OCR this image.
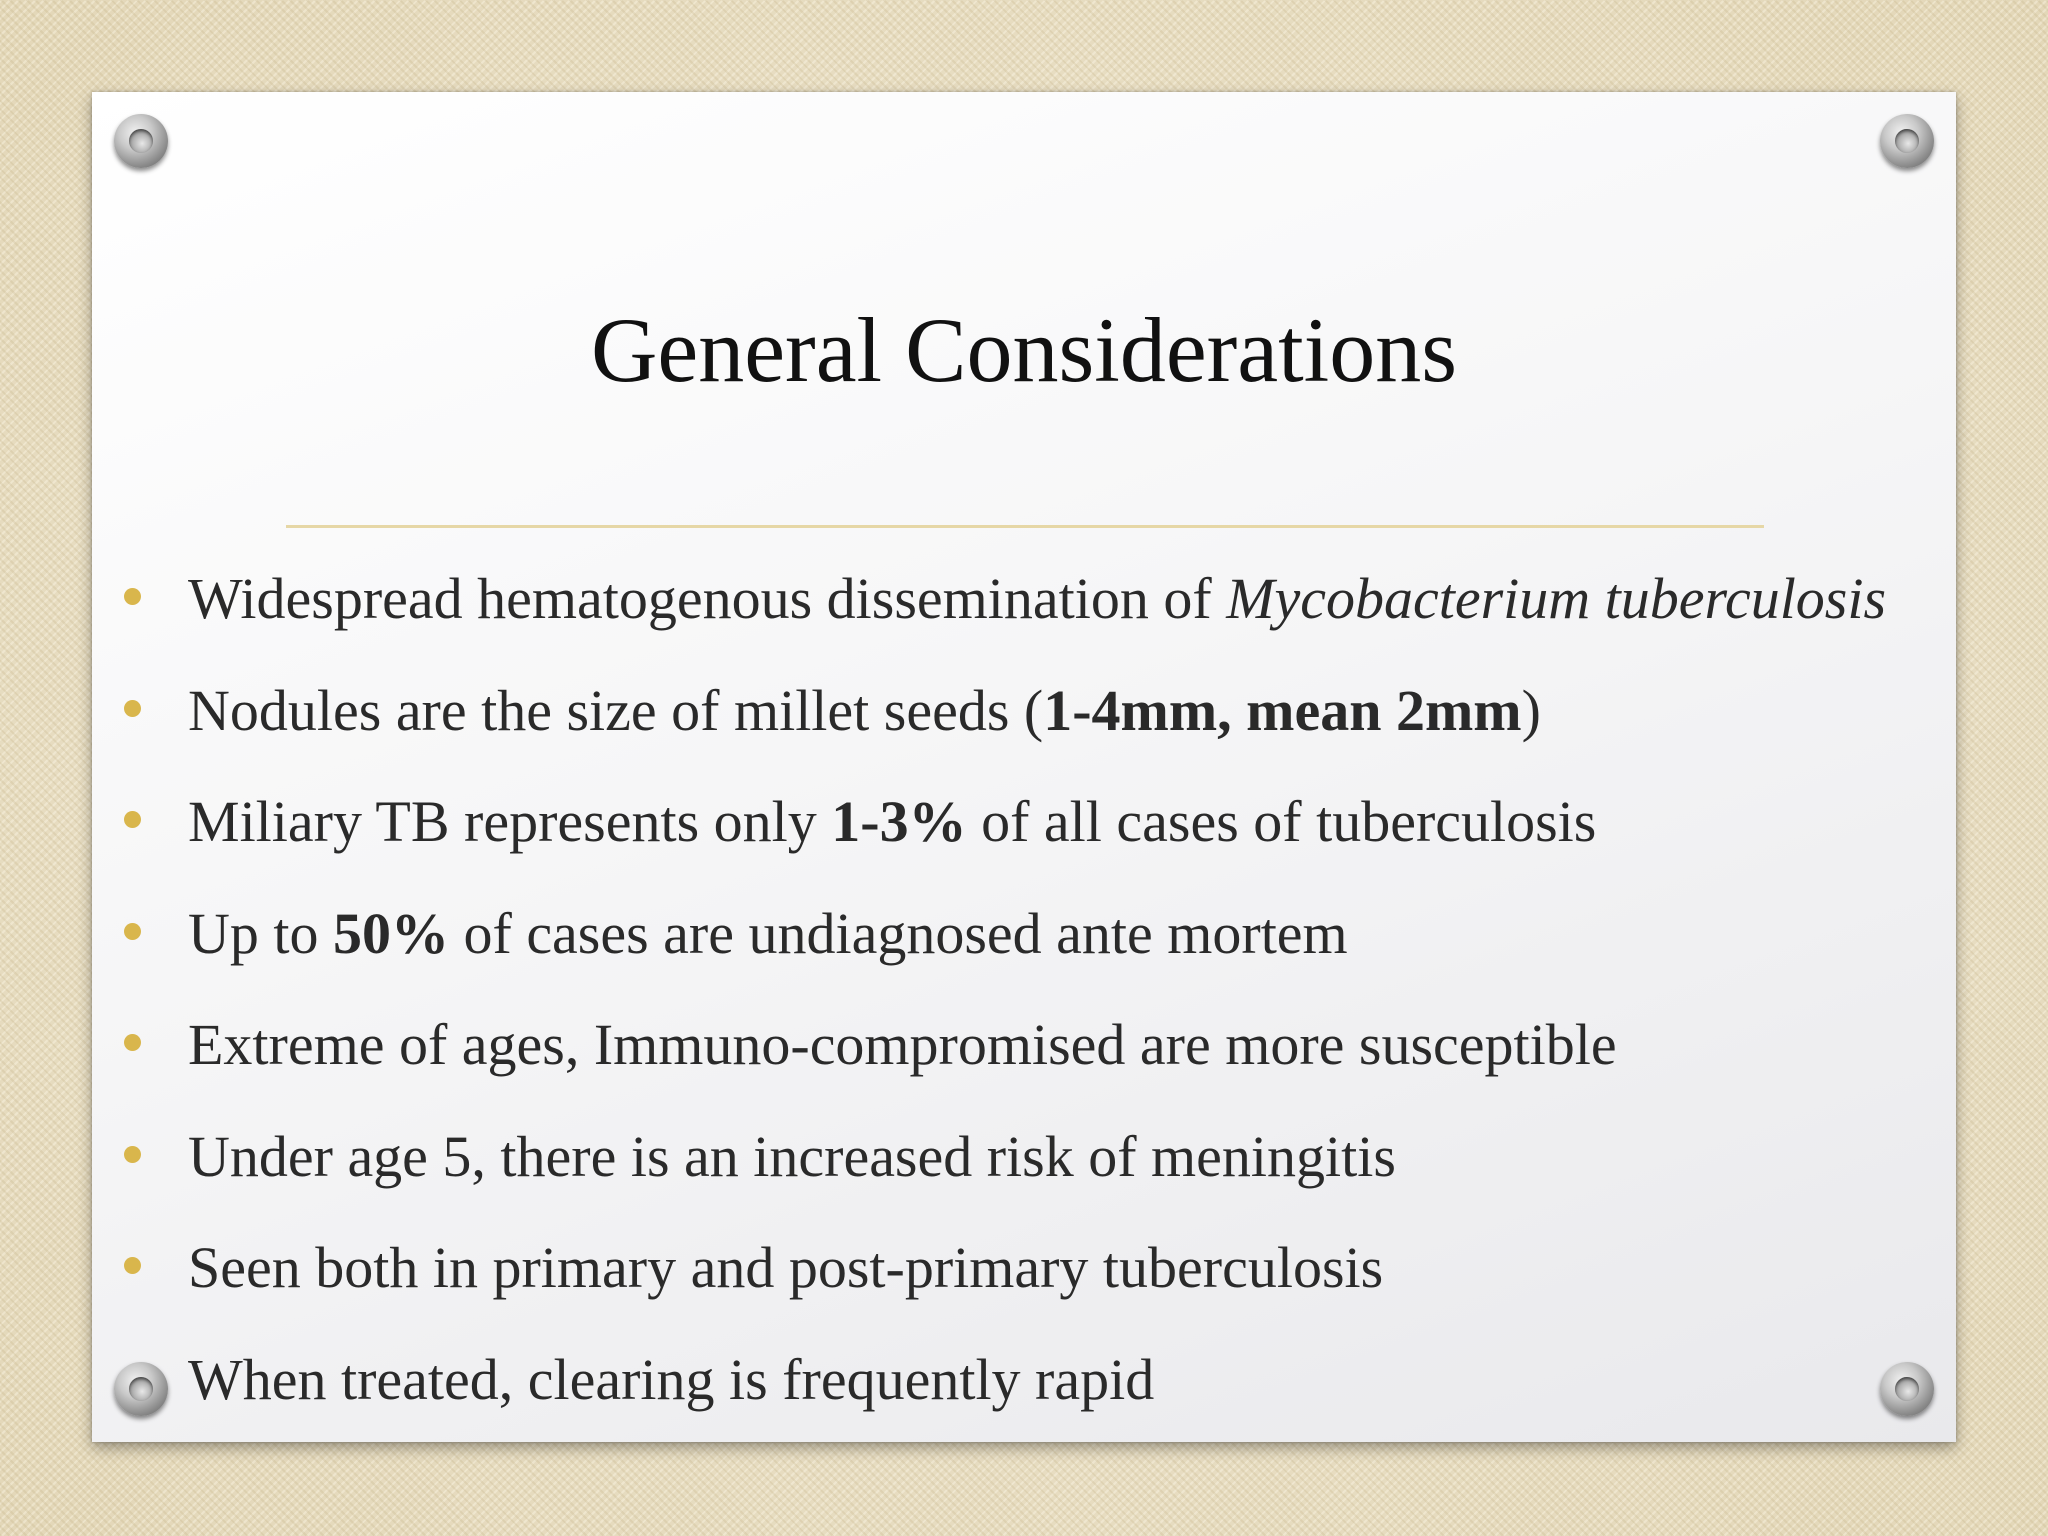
General Considerations
Widespread hematogenous dissemination of Mycobacterium tuberculosis
Nodules are the size of millet seeds (1-4mm, mean 2mm)
Miliary TB represents only 1-3% of all cases of tuberculosis
Up to 50% of cases are undiagnosed ante mortem
Extreme of ages, Immuno-compromised are more susceptible
Under age 5, there is an increased risk of meningitis
Seen both in primary and post-primary tuberculosis
When treated, clearing is frequently rapid
